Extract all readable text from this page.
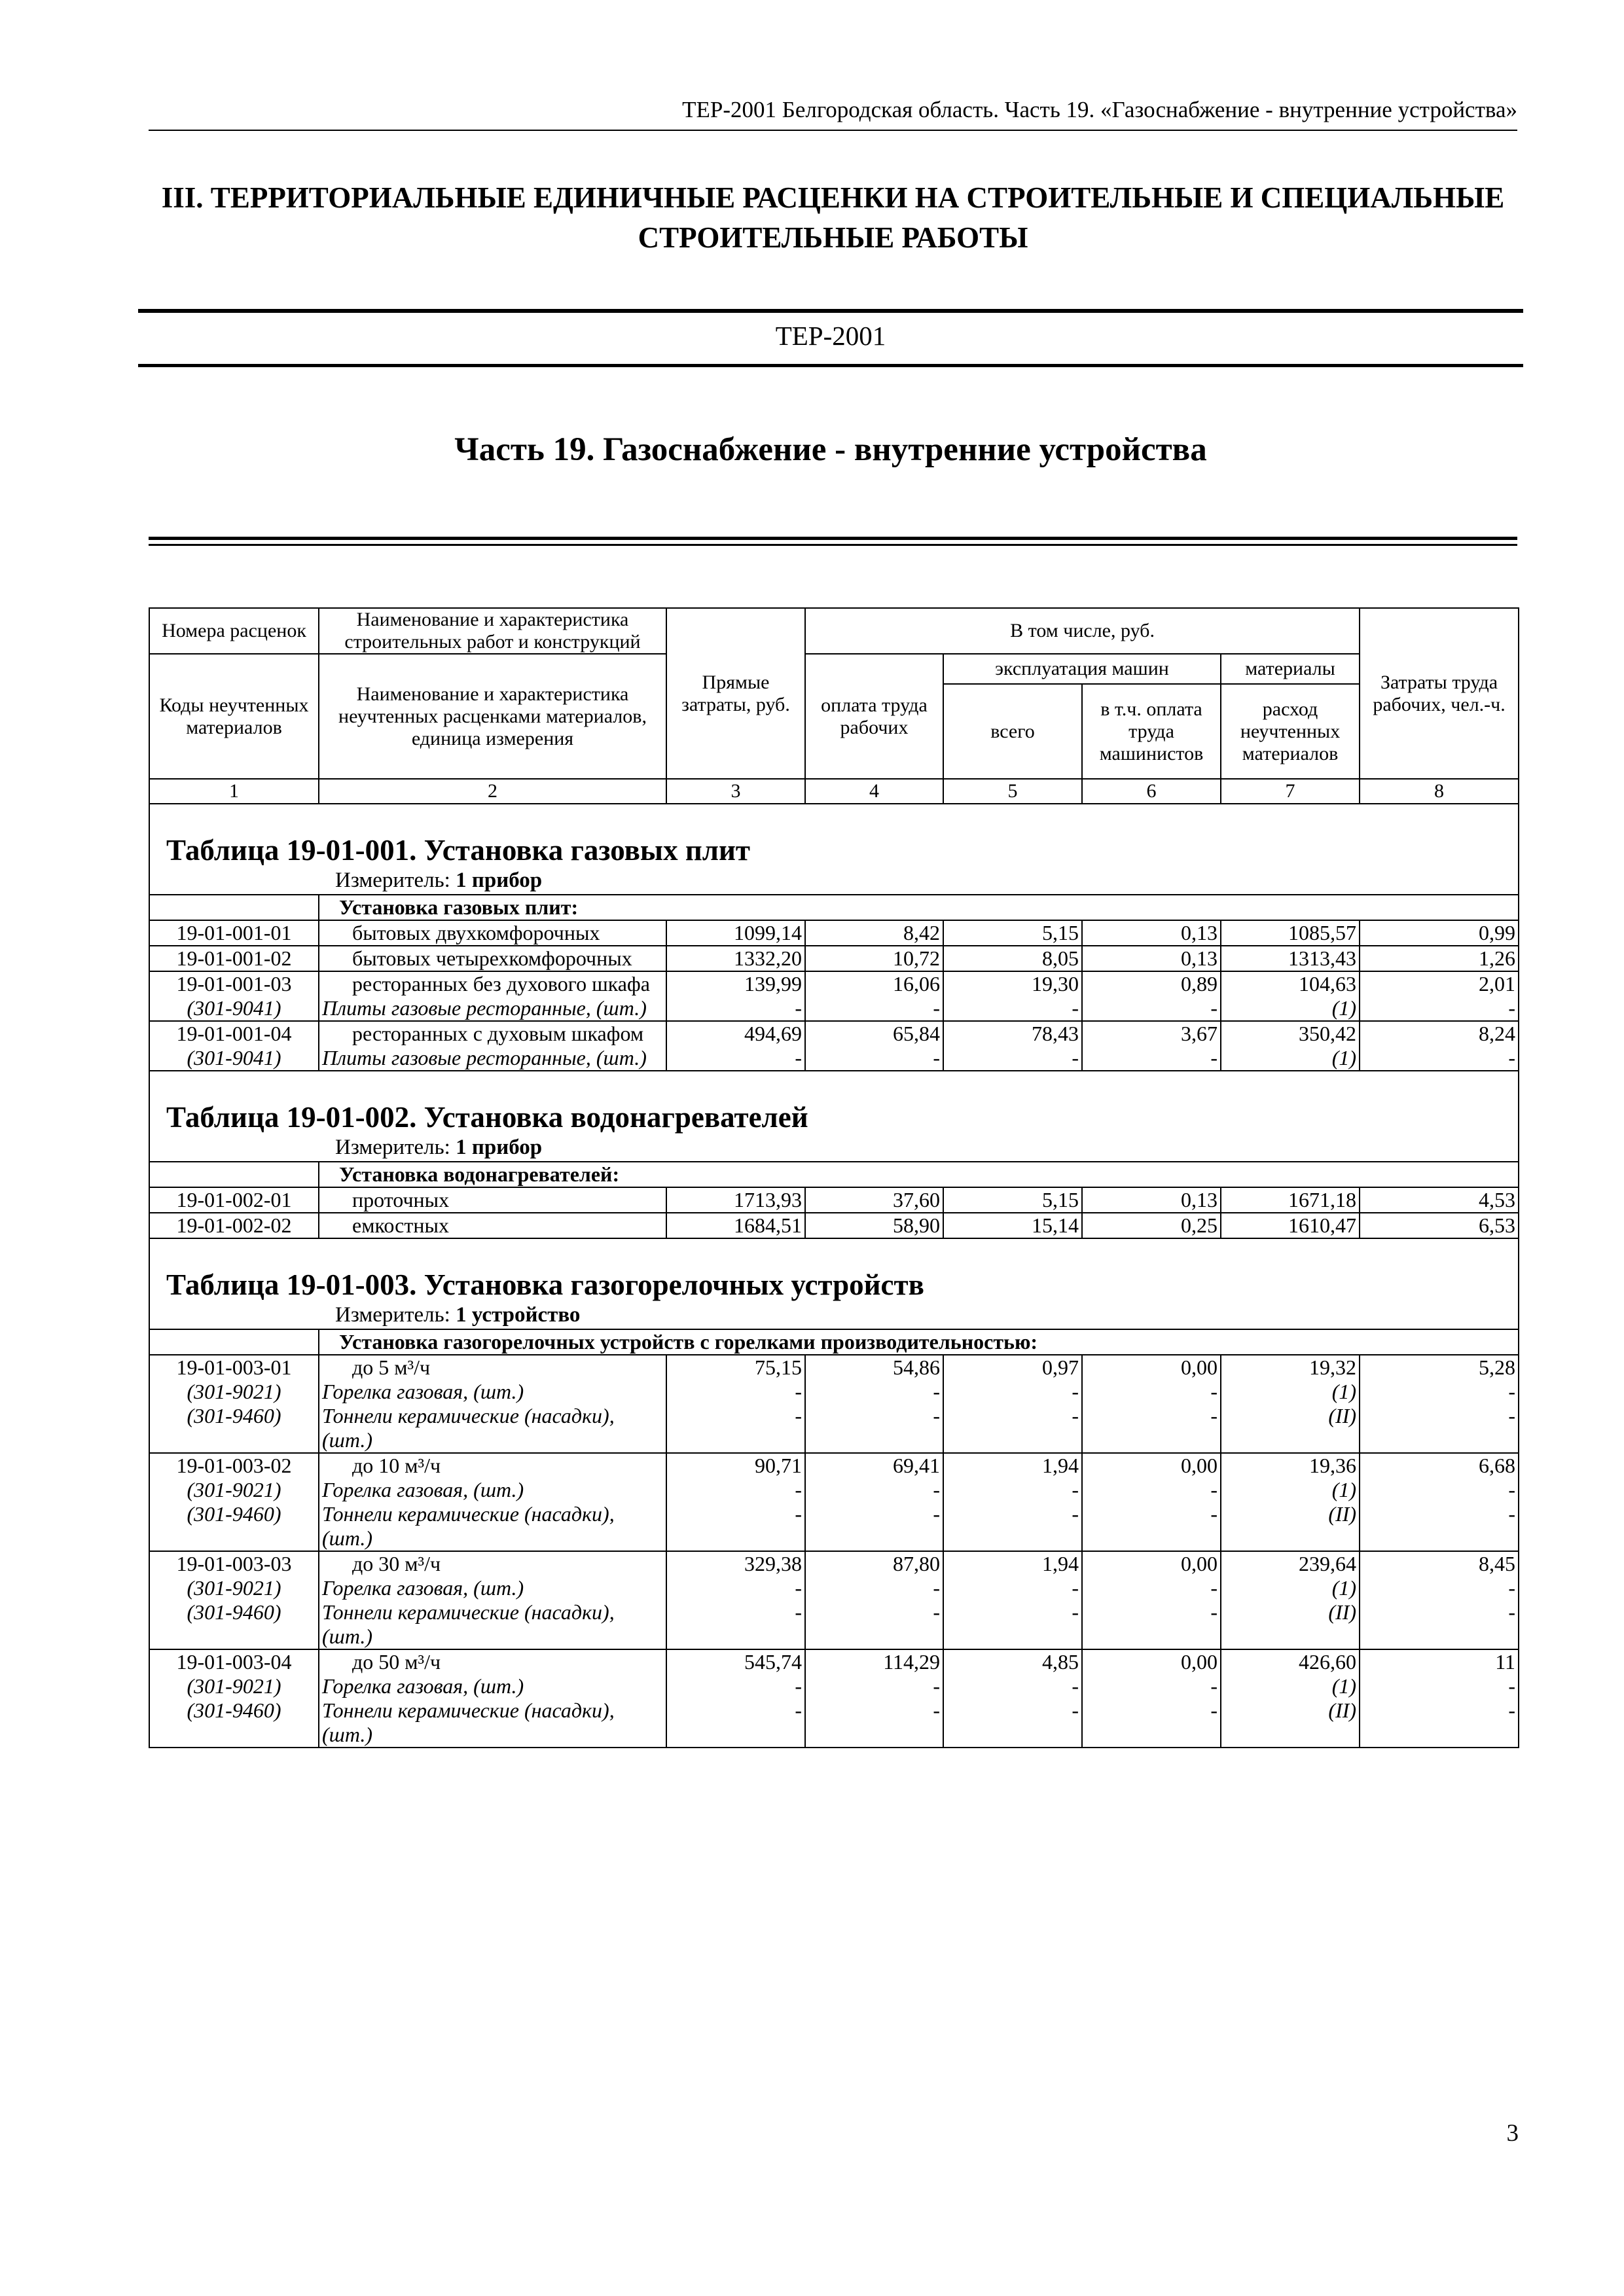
ТЕР-2001 Белгородская область. Часть 19. «Газоснабжение - внутренние устройства»
III. ТЕРРИТОРИАЛЬНЫЕ ЕДИНИЧНЫЕ РАСЦЕНКИ НА СТРОИТЕЛЬНЫЕ И СПЕЦИАЛЬНЫЕ СТРОИТЕЛЬНЫЕ РАБОТЫ
ТЕР-2001
Часть 19. Газоснабжение - внутренние устройства
Номера расценок	Наименование и характеристика строительных работ и конструкций	Прямые затраты, руб.	В том числе, руб.				Затраты труда рабочих, чел.-ч.
Коды неучтенных материалов	Наименование и характеристика неучтенных расценками материалов, единица измерения		оплата труда рабочих	эксплуатация машин		материалы	
				всего	в т.ч. оплата труда машинистов	расход неучтенных материалов	
1	2	3	4	5	6	7	8
Таблица 19-01-001. Установка газовых плит							
Измеритель: 1 прибор							
	Установка газовых плит:						
19-01-001-01	бытовых двухкомфорочных	1099,14	8,42	5,15	0,13	1085,57	0,99
19-01-001-02	бытовых четырехкомфорочных	1332,20	10,72	8,05	0,13	1313,43	1,26
19-01-001-03	ресторанных без духового шкафа	139,99	16,06	19,30	0,89	104,63	2,01
(301-9041)	Плиты газовые ресторанные, (шт.)	-	-	-	-	(1)	-
19-01-001-04	ресторанных с духовым шкафом	494,69	65,84	78,43	3,67	350,42	8,24
(301-9041)	Плиты газовые ресторанные, (шт.)	-	-	-	-	(1)	-
Таблица 19-01-002. Установка водонагревателей							
Измеритель: 1 прибор							
	Установка водонагревателей:						
19-01-002-01	проточных	1713,93	37,60	5,15	0,13	1671,18	4,53
19-01-002-02	емкостных	1684,51	58,90	15,14	0,25	1610,47	6,53
Таблица 19-01-003. Установка газогорелочных устройств							
Измеритель: 1 устройство							
	Установка газогорелочных устройств с горелками производительностью:						
19-01-003-01	до 5 м³/ч	75,15	54,86	0,97	0,00	19,32	5,28
(301-9021)	Горелка газовая, (шт.)	-	-	-	-	(1)	-
(301-9460)	Тоннели керамические (насадки), (шт.)	-	-	-	-	(II)	-
19-01-003-02	до 10 м³/ч	90,71	69,41	1,94	0,00	19,36	6,68
(301-9021)	Горелка газовая, (шт.)	-	-	-	-	(1)	-
(301-9460)	Тоннели керамические (насадки), (шт.)	-	-	-	-	(II)	-
19-01-003-03	до 30 м³/ч	329,38	87,80	1,94	0,00	239,64	8,45
(301-9021)	Горелка газовая, (шт.)	-	-	-	-	(1)	-
(301-9460)	Тоннели керамические (насадки), (шт.)	-	-	-	-	(II)	-
19-01-003-04	до 50 м³/ч	545,74	114,29	4,85	0,00	426,60	11
(301-9021)	Горелка газовая, (шт.)	-	-	-	-	(1)	-
(301-9460)	Тоннели керамические (насадки), (шт.)	-	-	-	-	(II)	-
3
